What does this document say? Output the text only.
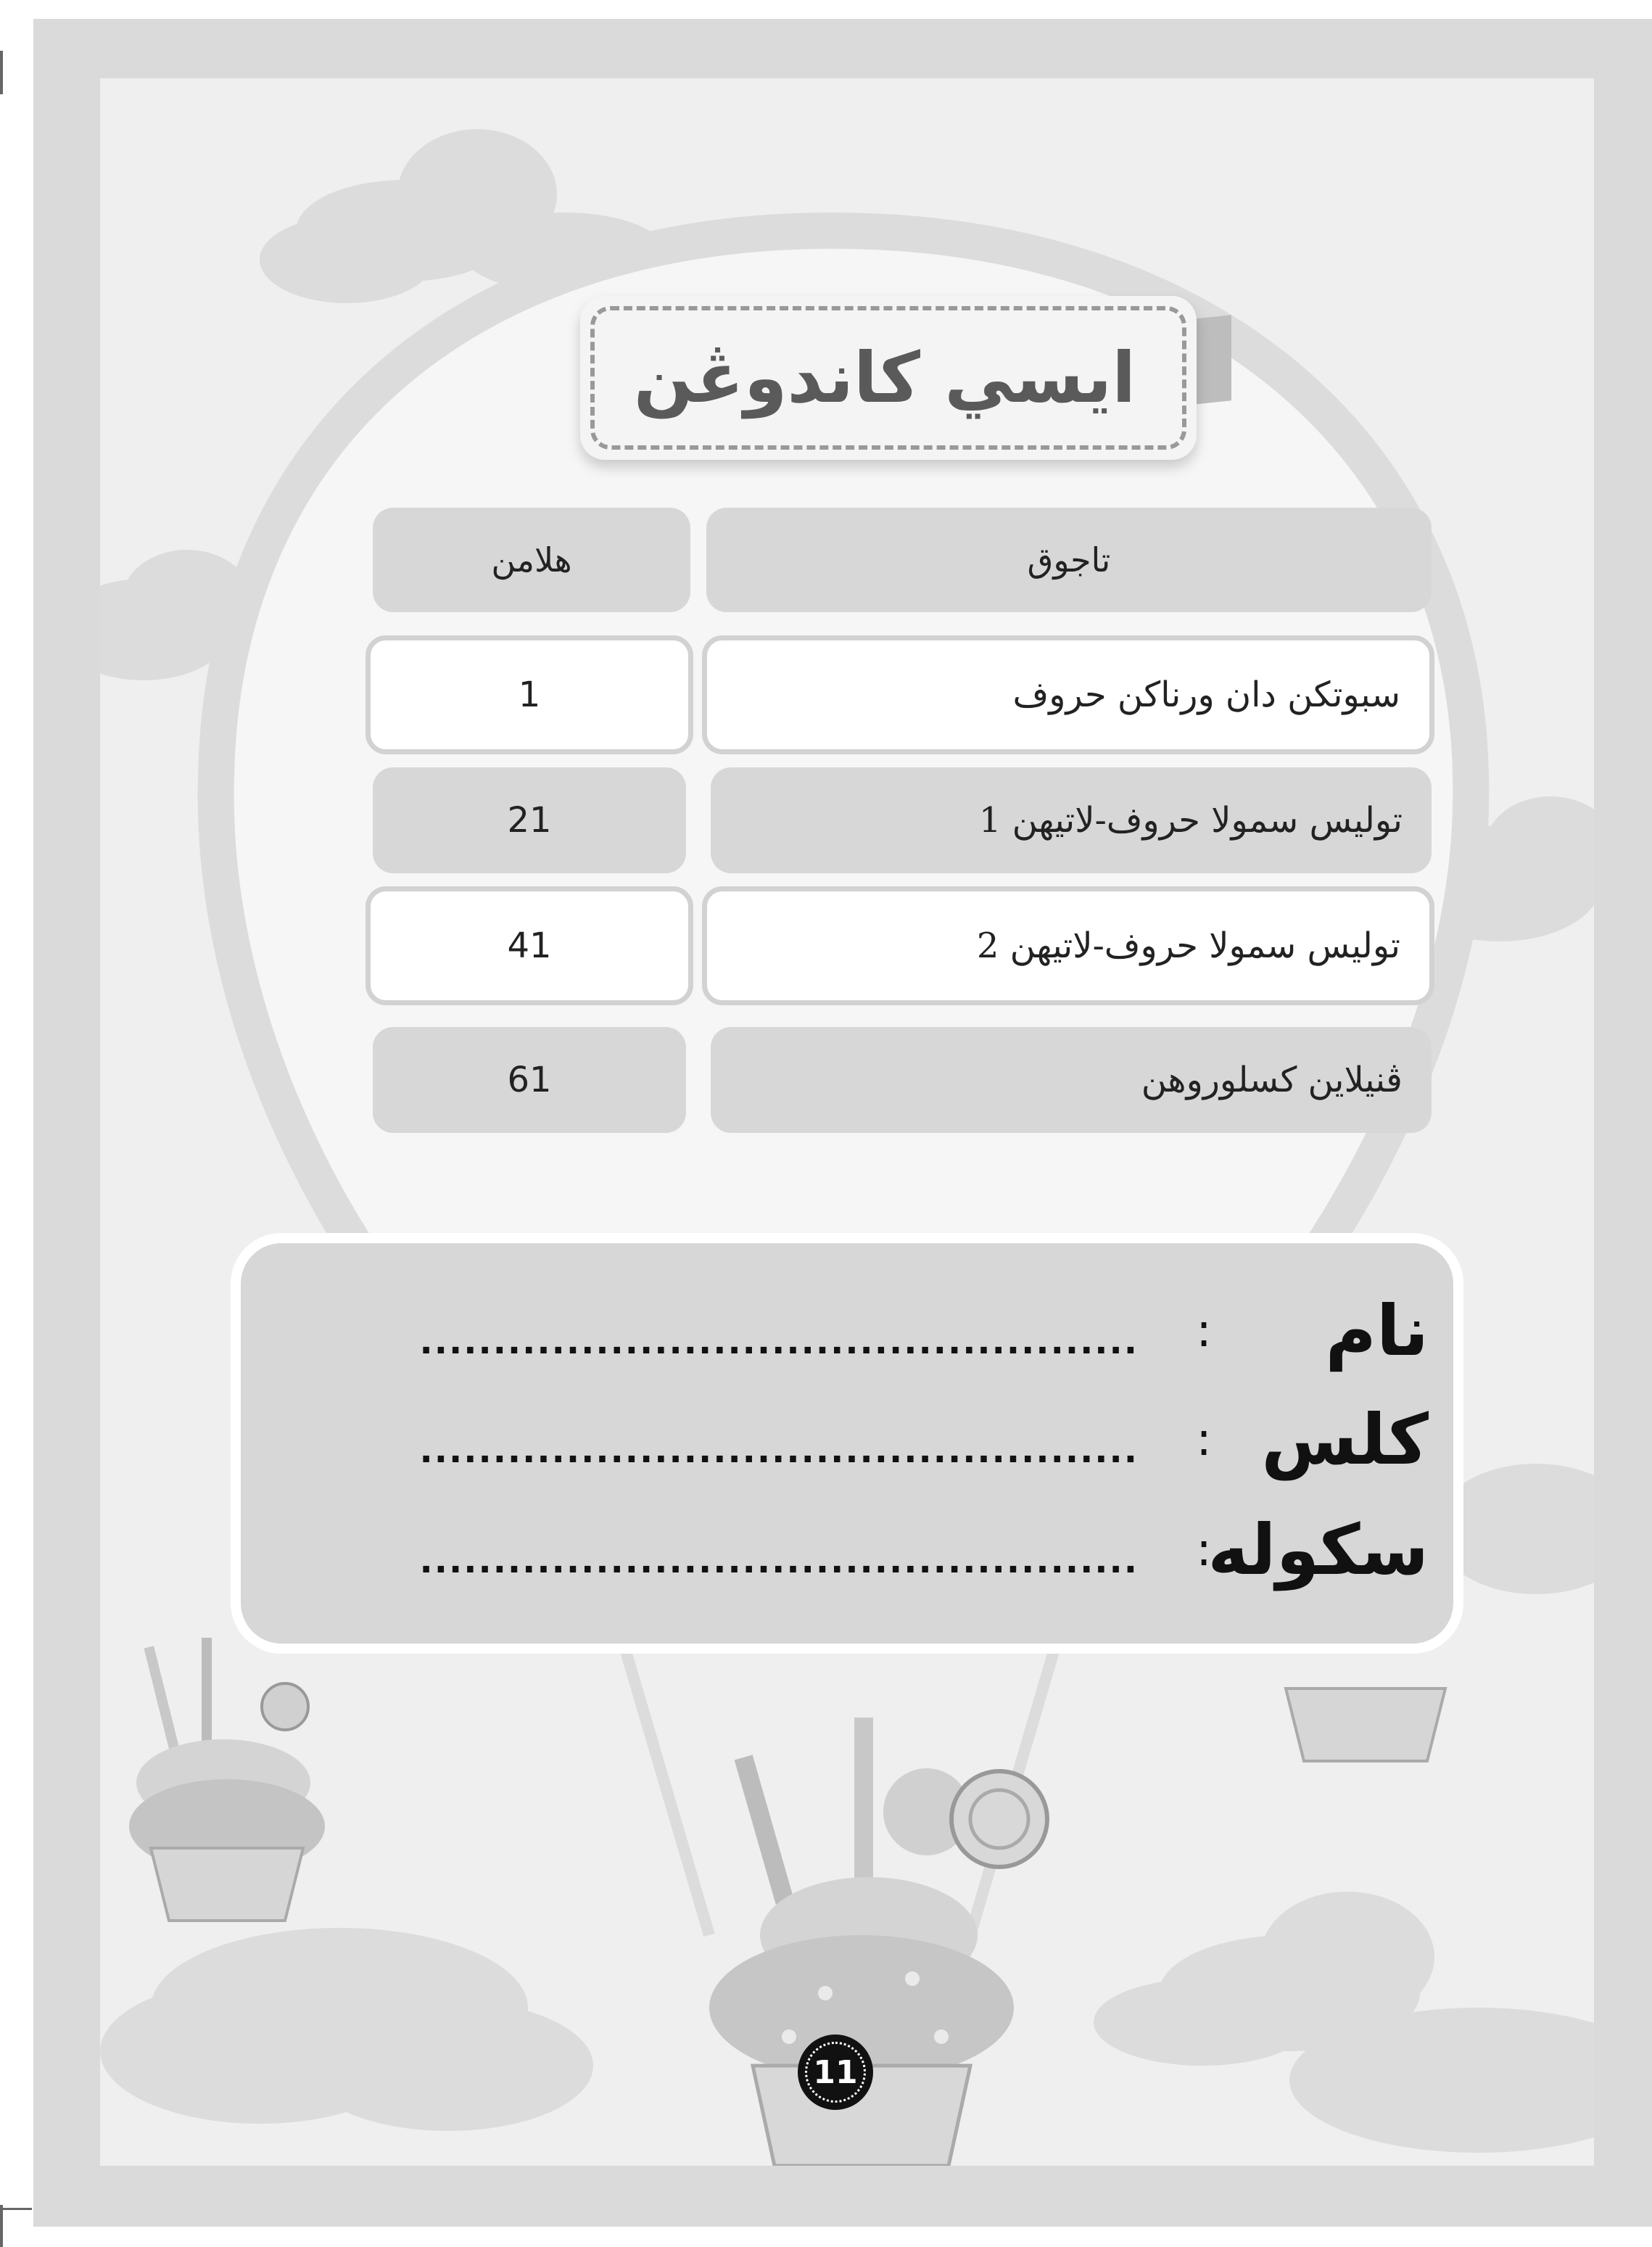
ايسي كاندوڠن
تاجوق
هلامن
سبوتکن دان ورناکن حروف
1
توليس سمولا حروف-لاتيهن 1
21
توليس سمولا حروف-لاتيهن 2
41
ڤنيلاين کسلوروهن
61
نام
:
.................................................
کلس
:
.................................................
سکوله
:
.................................................
11
